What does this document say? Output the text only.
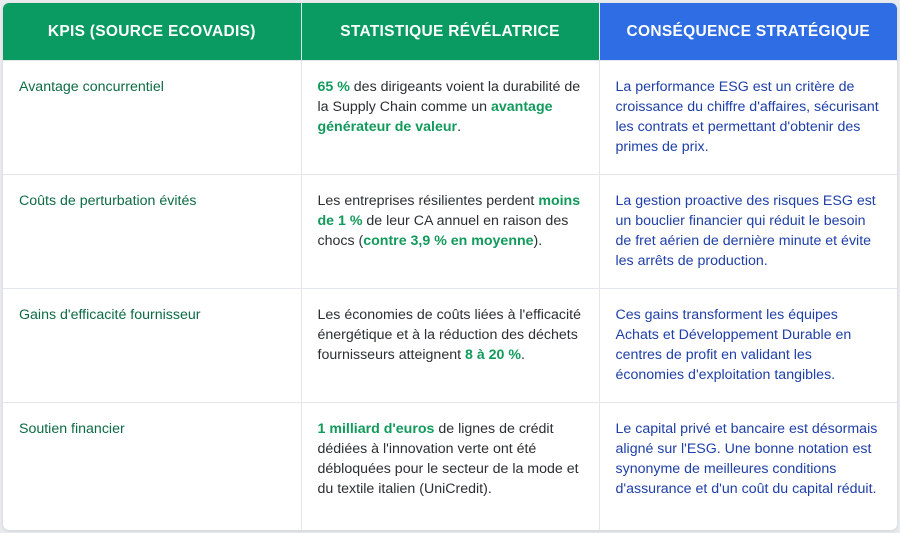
KPIS (SOURCE ECOVADIS)	STATISTIQUE RÉVÉLATRICE	CONSÉQUENCE STRATÉGIQUE
Avantage concurrentiel	65 % des dirigeants voient la durabilité de la Supply Chain comme un avantage générateur de valeur.	La performance ESG est un critère de croissance du chiffre d'affaires, sécurisant les contrats et permettant d'obtenir des primes de prix.
Coûts de perturbation évités	Les entreprises résilientes perdent moins de 1 % de leur CA annuel en raison des chocs (contre 3,9 % en moyenne).	La gestion proactive des risques ESG est un bouclier financier qui réduit le besoin de fret aérien de dernière minute et évite les arrêts de production.
Gains d'efficacité fournisseur	Les économies de coûts liées à l'efficacité énergétique et à la réduction des déchets fournisseurs atteignent 8 à 20 %.	Ces gains transforment les équipes Achats et Développement Durable en centres de profit en validant les économies d'exploitation tangibles.
Soutien financier	1 milliard d'euros de lignes de crédit dédiées à l'innovation verte ont été débloquées pour le secteur de la mode et du textile italien (UniCredit).	Le capital privé et bancaire est désormais aligné sur l'ESG. Une bonne notation est synonyme de meilleures conditions d'assurance et d'un coût du capital réduit.
